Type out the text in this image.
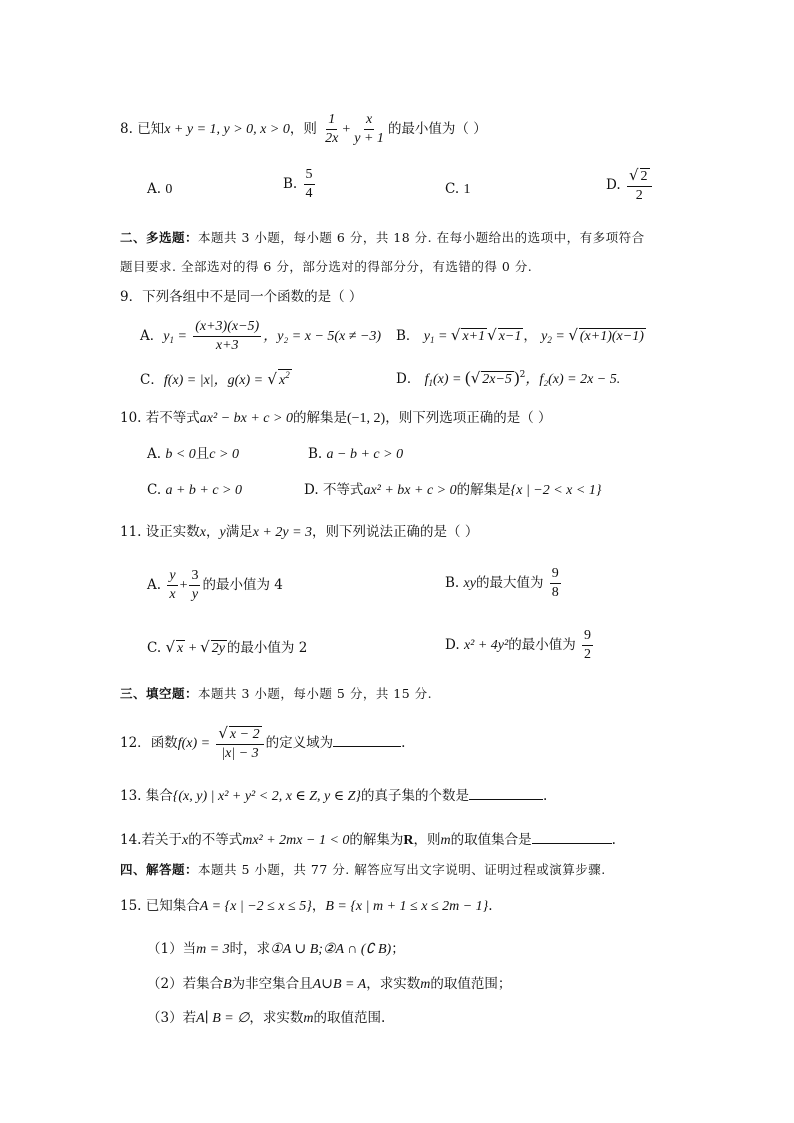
8. 已知x + y = 1, y > 0, x > 0，则 $\frac{1}{2x} + \frac{x}{y + 1}$ 的最小值为（ ）
A. 0	B. $\frac{5}{4}$	C. 1	D. $\frac{√ 2}{2}$
二、多选题：本题共 3 小题，每小题 6 分，共 18 分. 在每小题给出的选项中，有多项符合
题目要求. 全部选对的得 6 分，部分选对的得部分分，有选错的得 0 分.
9．下列各组中不是同一个函数的是（ ）
A．$y_1 = \frac{(x+3)(x-5)}{x+3}$ ，y₂ = x − 5(x ≠ −3) B． $y_1$ = √ x+1 √ x−1 ， $y_2$ = √ (x+1)(x−1)
C．f(x) = |x|，g(x) = √ $x^2$	D． $f_1(x)$ = (√ 2x−5 )$^2$，f₂(x) = 2x − 5.
10. 若不等式ax² − bx + c > 0的解集是(−1, 2)，则下列选项正确的是（ ）
A. b < 0且c > 0	B. a − b + c > 0
C. a + b + c > 0	D. 不等式ax² + bx + c > 0的解集是{x | −2 < x < 1}
11. 设正实数x，y满足x + 2y = 3，则下列说法正确的是（ ）
A. $\frac{y}{x} + \frac{3}{y}$ 的最小值为 4	B. xy的最大值为 $\frac{9}{8}$
C. √ x + √ 2y 的最小值为 2	D. x² + 4y²的最小值为 $\frac{9}{2}$
三、填空题：本题共 3 小题，每小题 5 分，共 15 分.
12．函数$f(x) = \frac{√ x - 2}{|x| - 3}$ 的定义域为	.
13. 集合{(x, y) | x² + y² < 2, x ∈ Z, y ∈ Z}的真子集的个数是	.
14.若关于x的不等式mx² + 2mx − 1 < 0的解集为R，则m的取值集合是	.
四、解答题：本题共 5 小题，共 77 分. 解答应写出文字说明、证明过程或演算步骤.
15. 已知集合A = {x | −2 ≤ x ≤ 5}，B = {x | m + 1 ≤ x ≤ 2m − 1}.
（1）当m = 3时，求①A ∪ B;②A ∩ (∁ B)；
（2）若集合B为非空集合且A∪B = A，求实数m的取值范围；
（3）若A∣ B = ∅，求实数m的取值范围.
